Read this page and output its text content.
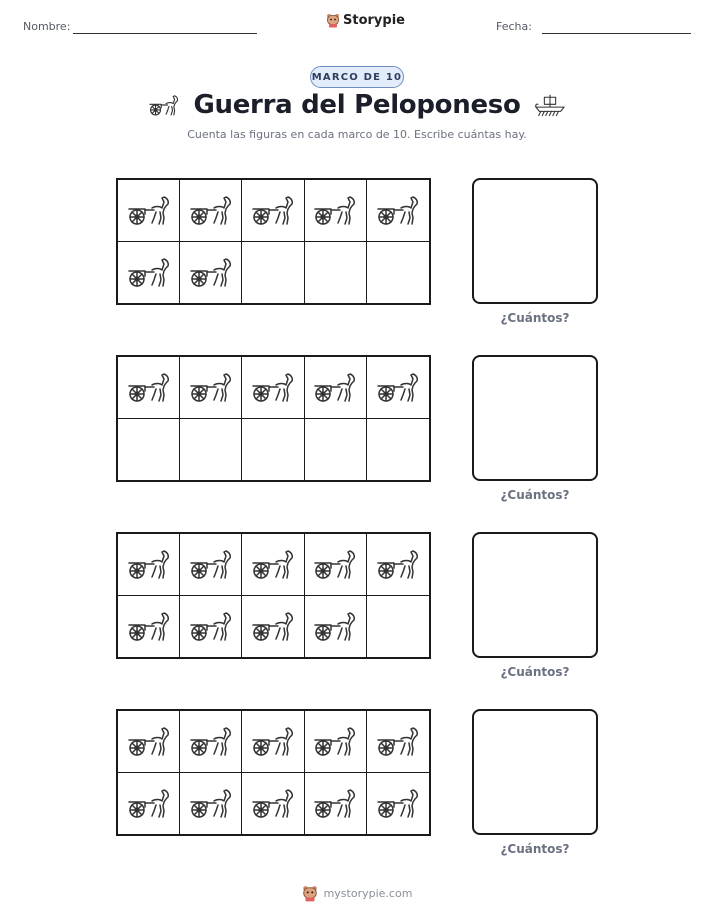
Nombre:	Storypie	Fecha:
MARCO DE 10
Guerra del Peloponeso
Cuenta las figuras en cada marco de 10. Escribe cuántas hay.
¿Cuántos?
¿Cuántos?
¿Cuántos?
¿Cuántos?
mystorypie.com
